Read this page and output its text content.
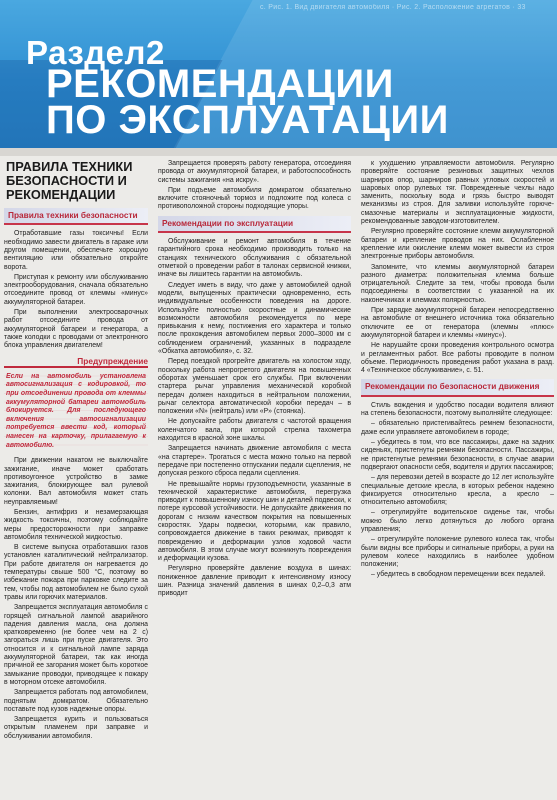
с. Рис. 1. Вид двигателя автомобиля · Рис. 2. Расположение агрегатов · 33
Раздел2
РЕКОМЕНДАЦИИ
ПО ЭКСПЛУАТАЦИИ
ПРАВИЛА ТЕХНИКИ БЕЗОПАСНОСТИ И РЕКОМЕНДАЦИИ
Правила техники безопасности
Отработавшие газы токсичны! Если необходимо завести двигатель в гараже или другом помещении, обеспечьте хорошую вентиляцию или обязательно откройте ворота.
Приступая к ремонту или обслуживанию электрооборудования, сначала обязательно отсоедините провод от клеммы «минус» аккумуляторной батареи.
При выполнении электросварочных работ отсоедините провода от аккумуляторной батареи и генератора, а также колодки с проводами от электронного блока управления двигателем!
Предупреждение
Если на автомобиль установлена автосигнализация с кодировкой, то при отсоединении провода от клеммы аккумуляторной батареи автомобиль блокируется. Для последующего включения автосигнализации потребуется ввести код, который нанесен на карточку, прилагаемую к автомобилю.
При движении накатом не выключайте зажигание, иначе может сработать противоугонное устройство в замке зажигания, блокирующее вал рулевой колонки. Вал автомобиля может стать неуправляемым!
Бензин, антифриз и незамерзающая жидкость токсичны, поэтому соблюдайте меры предосторожности при заправке автомобиля технической жидкостью.
В системе выпуска отработавших газов установлен каталитический нейтрализатор. При работе двигателя он нагревается до температуры свыше 500 °С, поэтому во избежание пожара при парковке следите за тем, чтобы под автомобилем не было сухой травы или горючих материалов.
Запрещается эксплуатация автомобиля с горящей сигнальной лампой аварийного падения давления масла, она должна кратковременно (не более чем на 2 с) загораться лишь при пуске двигателя. Это относится и к сигнальной лампе заряда аккумуляторной батареи, так как иногда причиной ее загорания может быть короткое замыкание проводки, приводящее к пожару в моторном отсеке автомобиля.
Запрещается работать под автомобилем, поднятым домкратом. Обязательно поставьте под кузов надежные опоры.
Запрещается курить и пользоваться открытым пламенем при заправке и обслуживании автомобиля.
Запрещается проверять работу генератора, отсоединяя провода от аккумуляторной батареи, и работоспособность системы зажигания «на искру».
При подъеме автомобиля домкратом обязательно включите стояночный тормоз и подложите под колеса с противоположной стороны подходящие упоры.
Рекомендации по эксплуатации
Обслуживание и ремонт автомобиля в течение гарантийного срока необходимо производить только на станциях технического обслуживания с обязательной отметкой о проведении работ в талонах сервисной книжки, иначе вы лишитесь гарантии на автомобиль.
Следует иметь в виду, что даже у автомобилей одной модели, выпущенных практически одновременно, есть индивидуальные особенности поведения на дороге. Используйте полностью скоростные и динамические возможности автомобиля рекомендуется по мере привыкания к нему, постижения его характера и только после прохождения автомобилем первых 2000–3000 км с соблюдением ограничений, указанных в подразделе «Обкатка автомобиля», с. 32.
Перед поездкой прогрейте двигатель на холостом ходу, поскольку работа непрогретого двигателя на повышенных оборотах уменьшает срок его службы. При включении стартера рычаг управления механической коробкой передач должен находиться в нейтральном положении, рычаг селектора автоматической коробки передач – в положении «N» (нейтраль) или «P» (стоянка).
Не допускайте работы двигателя с частотой вращения коленчатого вала, при которой стрелка тахометра находится в красной зоне шкалы.
Запрещается начинать движение автомобиля с места «на стартере». Трогаться с места можно только на первой передаче при постепенно отпускании педали сцепления, не допуская резкого сброса педали сцепления.
Не превышайте нормы грузоподъемности, указанные в технической характеристике автомобиля, перегрузка приводит к повышенному износу шин и деталей подвески, к потере курсовой устойчивости. Не допускайте движения по дорогам с низким качеством покрытия на повышенных скоростях. Удары подвески, которыми, как правило, сопровождается движение в таких режимах, приводят к повреждению и деформации узлов ходовой части автомобиля. В этом случае могут возникнуть повреждения и деформации кузова.
Регулярно проверяйте давление воздуха в шинах: пониженное давление приводит к интенсивному износу шин. Разница значений давления в шинах 0,2–0,3 атм приводит
к ухудшению управляемости автомобиля. Регулярно проверяйте состояние резиновых защитных чехлов шарниров опор, шарниров равных угловых скоростей и шаровых опор рулевых тяг. Поврежденные чехлы надо заменить, поскольку вода и грязь быстро выводят механизмы из строя. Для заливки используйте горюче-смазочные материалы и эксплуатационные жидкости, рекомендованные заводом-изготовителем.
Регулярно проверяйте состояние клемм аккумуляторной батареи и крепление проводов на них. Ослабленное крепление или окисление клемм может вывести из строя электронные приборы автомобиля.
Запомните, что клеммы аккумуляторной батареи разного диаметра: положительная клемма больше отрицательной. Следите за тем, чтобы провода были подсоединены в соответствии с указанной на их наконечниках и клеммах полярностью.
При зарядке аккумуляторной батареи непосредственно на автомобиле от внешнего источника тока обязательно отключите ее от генератора (клеммы «плюс» аккумуляторной батареи и клеммы «минус»).
Не нарушайте сроки проведения контрольного осмотра и регламентных работ. Все работы проводите в полном объеме. Периодичность проведения работ указана в разд. 4 «Техническое обслуживание», с. 51.
Рекомендации по безопасности движения
Стиль вождения и удобство посадки водителя влияют на степень безопасности, поэтому выполняйте следующее:
– обязательно пристегивайтесь ремнем безопасности, даже если управляете автомобилем в городе;
– убедитесь в том, что все пассажиры, даже на задних сиденьях, пристегнуты ремнями безопасности. Пассажиры, не пристегнутые ремнями безопасности, в случае аварии подвергают опасности себя, водителя и других пассажиров;
– для перевозки детей в возрасте до 12 лет используйте специальные детские кресла, в которых ребенок надежно фиксируется относительно кресла, а кресло – относительно автомобиля;
– отрегулируйте водительское сиденье так, чтобы можно было легко дотянуться до любого органа управления;
– отрегулируйте положение рулевого колеса так, чтобы были видны все приборы и сигнальные приборы, а руки на рулевом колесе находились в наиболее удобном положении;
– убедитесь в свободном перемещении всех педалей.
